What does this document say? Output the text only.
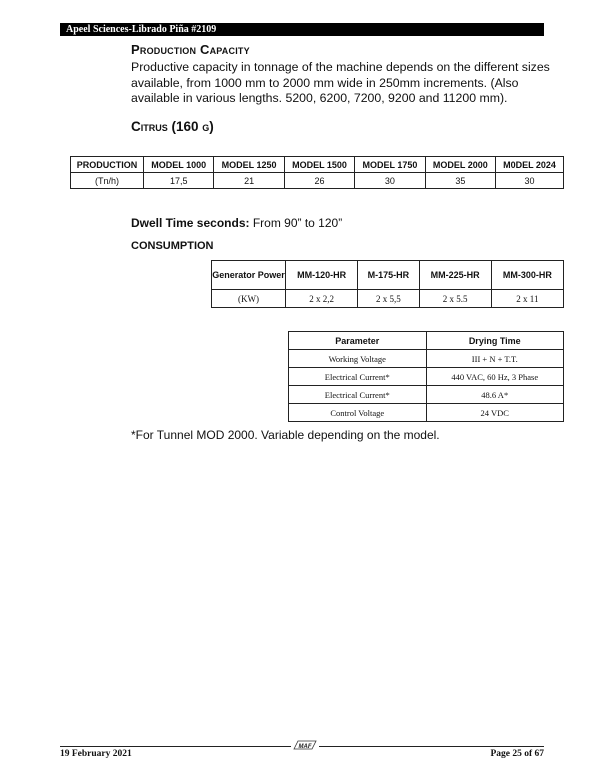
Apeel Sciences-Librado Piña #2109
Production Capacity
Productive capacity in tonnage of the machine depends on the different sizes available, from 1000 mm to 2000 mm wide in 250mm increments. (Also available in various lengths. 5200, 6200, 7200, 9200 and 11200 mm).
Citrus (160 g)
PRODUCTION	MODEL 1000	MODEL 1250	MODEL 1500	MODEL 1750	MODEL 2000	M0DEL 2024
(Tn/h)	17,5	21	26	30	35	30
Dwell Time seconds: From 90” to 120”
CONSUMPTION
Generator Power	MM-120-HR	M-175-HR	MM-225-HR	MM-300-HR
(KW)	2 x 2,2	2 x 5,5	2 x 5.5	2 x 11
Parameter	Drying Time
Working Voltage	III + N + T.T.
Electrical Current*	440 VAC, 60 Hz, 3 Phase
Electrical Current*	48.6 A*
Control Voltage	24 VDC
*For Tunnel MOD 2000. Variable depending on the model.
19 February 2021
MAF
Page 25 of 67
